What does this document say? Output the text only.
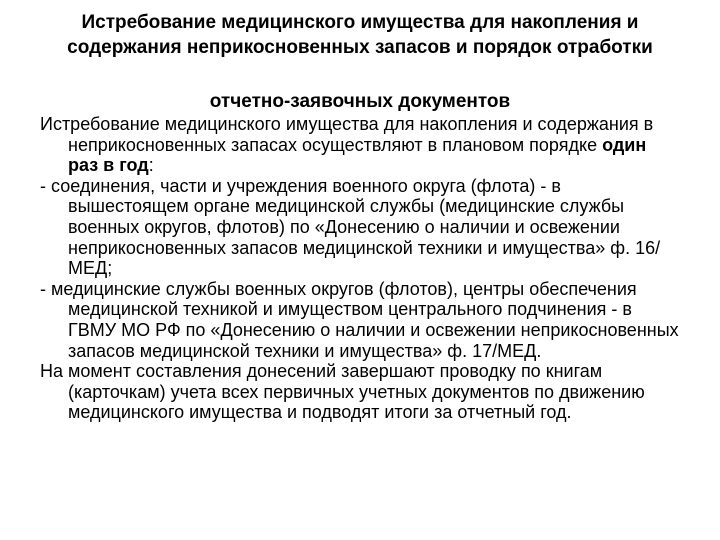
Истребование медицинского имущества для накопления и
содержания неприкосновенных запасов и порядок отработки
отчетно-заявочных документов

Истребование медицинского имущества для накопления и содержания в неприкосновенных запасах осуществляют в плановом порядке один раз в год:

- соединения, части и учреждения военного округа (флота) - в вышестоящем органе медицинской службы (медицинские службы военных округов, флотов) по «Донесению о наличии и освежении неприкосновенных запасов медицинской техники и имущества» ф. 16/МЕД;

- медицинские службы военных округов (флотов), центры обеспечения медицинской техникой и имуществом центрального подчинения - в ГВМУ МО РФ по «Донесению о наличии и освежении неприкосновенных запасов медицинской техники и имущества» ф. 17/МЕД.

На момент составления донесений завершают проводку по книгам (карточкам) учета всех первичных учетных документов по движению медицинского имущества и подводят итоги за отчетный год.
